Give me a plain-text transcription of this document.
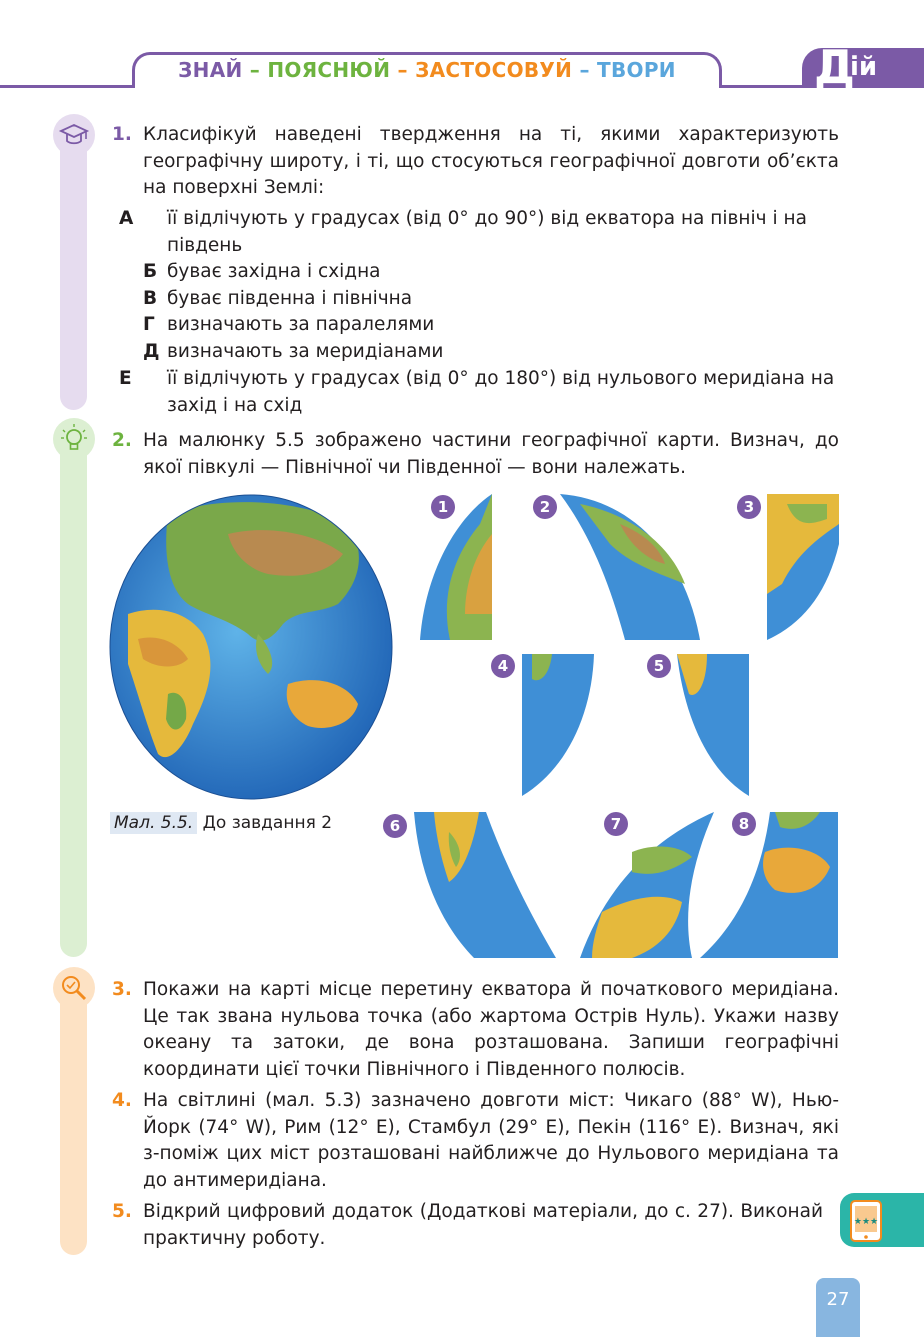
ЗНАЙ – ПОЯСНЮЙ – ЗАСТОСОВУЙ – ТВОРИ	Д
ій
1. Класифікуй наведені твердження на ті, якими характеризують географічну широту, і ті, що стосуються географічної довготи об’єкта на поверхні Землі:
А її відлічують у градусах (від 0° до 90°) від екватора на північ і на південь
Б буває західна і східна
В буває південна і північна
Г визначають за паралелями
Д визначають за меридіанами
Е її відлічують у градусах (від 0° до 180°) від нульового меридіана на захід і на схід
2. На малюнку 5.5 зображено частини географічної карти. Визнач, до якої півкулі — Північної чи Південної — вони належать.
1	2	3
4	5
6	7	8
Мал. 5.5. До завдання 2
3. Покажи на карті місце перетину екватора й початкового меридіана. Це так звана нульова точка (або жартома Острів Нуль). Укажи назву океану та затоки, де вона розташована. Запиши географічні координати цієї точки Північного і Південного полюсів.
4. На світлині (мал. 5.3) зазначено довготи міст: Чикаго (88° W), Нью-Йорк (74° W), Рим (12° E), Стамбул (29° E), Пекін (116° E). Визнач, які з-поміж цих міст розташовані найближче до Нульового меридіана та до антимеридіана.
5. Відкрий цифровий додаток (Додаткові матеріали, до с. 27). Виконай практичну роботу.
★★★
27
